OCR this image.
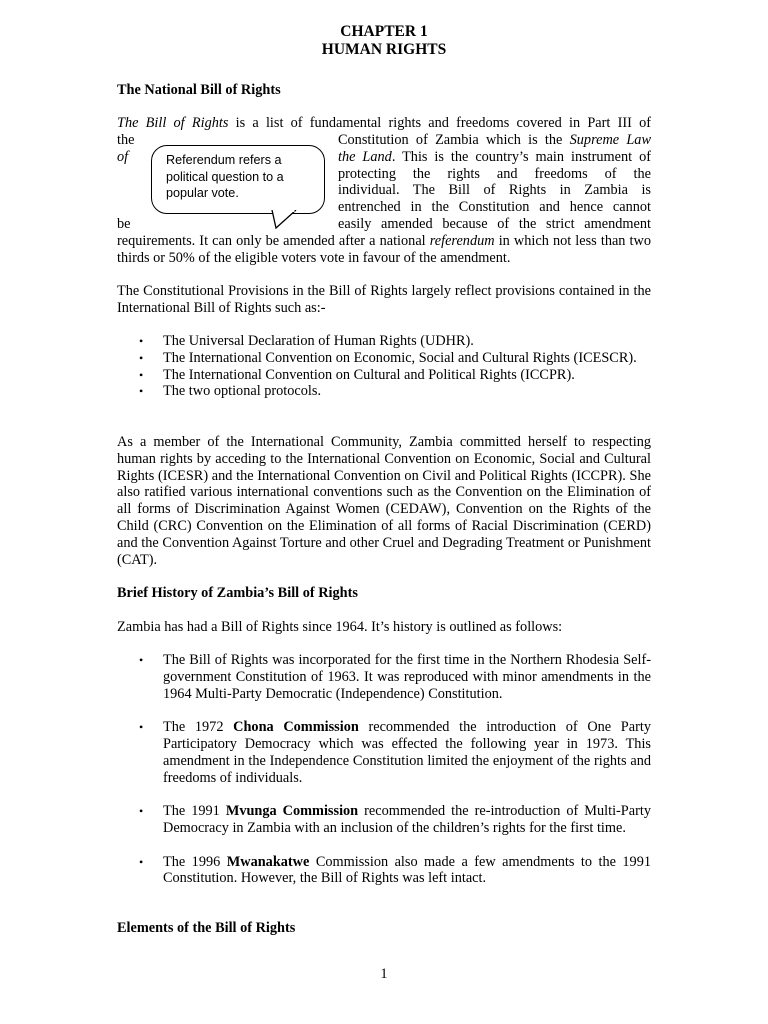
CHAPTER 1
HUMAN RIGHTS
The National Bill of Rights
The Bill of Rights is a list of fundamental rights and freedoms covered in Part III of
the
of
be
Constitution of Zambia which is the Supreme Law
the Land. This is the country’s main instrument of
protecting the rights and freedoms of the
individual. The Bill of Rights in Zambia is
entrenched in the Constitution and hence cannot
easily amended because of the strict amendment
Referendum refers a political question to a popular vote.
requirements. It can only be amended after a national referendum in which not less than two thirds or 50% of the eligible voters vote in favour of the amendment.
The Constitutional Provisions in the Bill of Rights largely reflect provisions contained in the International Bill of Rights such as:-
• The Universal Declaration of Human Rights (UDHR).
• The International Convention on Economic, Social and Cultural Rights (ICESCR).
• The International Convention on Cultural and Political Rights (ICCPR).
• The two optional protocols.
As a member of the International Community, Zambia committed herself to respecting human rights by acceding to the International Convention on Economic, Social and Cultural Rights (ICESR) and the International Convention on Civil and Political Rights (ICCPR). She also ratified various international conventions such as the Convention on the Elimination of all forms of Discrimination Against Women (CEDAW), Convention on the Rights of the Child (CRC) Convention on the Elimination of all forms of Racial Discrimination (CERD) and the Convention Against Torture and other Cruel and Degrading Treatment or Punishment (CAT).
Brief History of Zambia’s Bill of Rights
Zambia has had a Bill of Rights since 1964. It’s history is outlined as follows:
• The Bill of Rights was incorporated for the first time in the Northern Rhodesia Self-government Constitution of 1963. It was reproduced with minor amendments in the 1964 Multi-Party Democratic (Independence) Constitution.
• The 1972 Chona Commission recommended the introduction of One Party Participatory Democracy which was effected the following year in 1973. This amendment in the Independence Constitution limited the enjoyment of the rights and freedoms of individuals.
• The 1991 Mvunga Commission recommended the re-introduction of Multi-Party Democracy in Zambia with an inclusion of the children’s rights for the first time.
• The 1996 Mwanakatwe Commission also made a few amendments to the 1991 Constitution. However, the Bill of Rights was left intact.
Elements of the Bill of Rights
1
